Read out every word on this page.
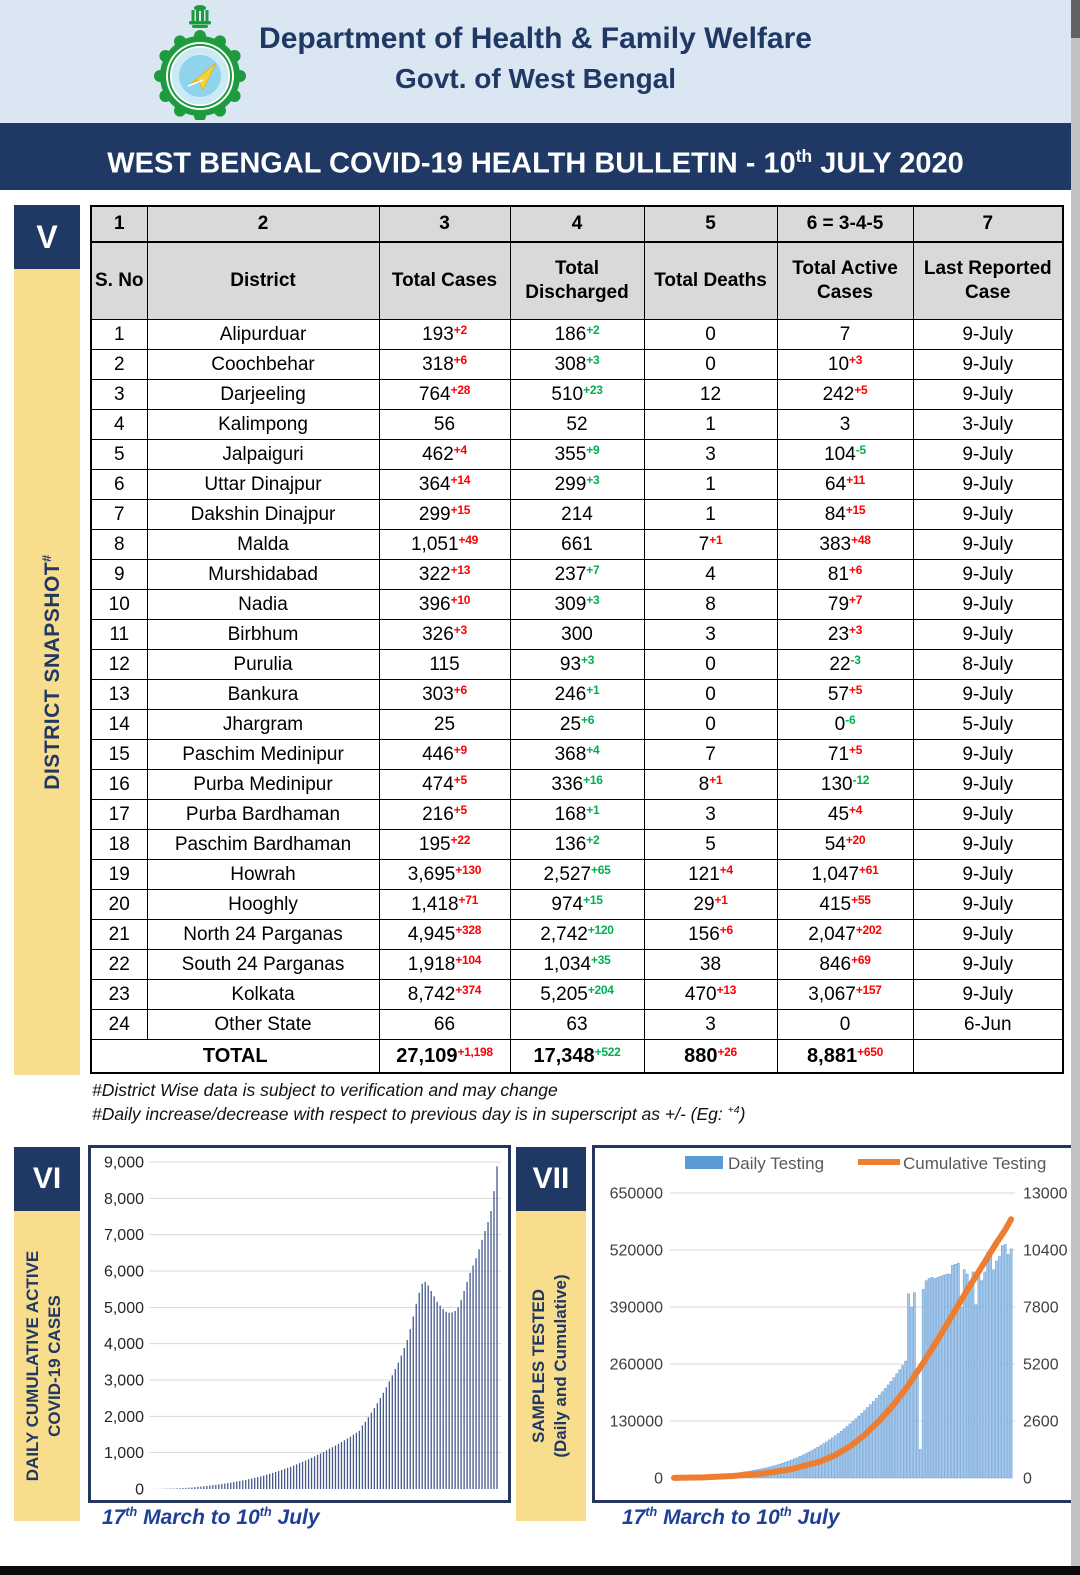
Department of Health & Family Welfare
Govt. of West Bengal
WEST BENGAL COVID-19 HEALTH BULLETIN - 10th JULY 2020
V
DISTRICT SNAPSHOT#
1	2	3	4	5	6 = 3-4-5	7
S. No	District	Total Cases	Total Discharged	Total Deaths	Total Active Cases	Last Reported Case
1	Alipurduar	$193^{+2}$	$186^{+2}$	0	7	9-July
2	Coochbehar	$318^{+6}$	$308^{+3}$	0	$10^{+3}$	9-July
3	Darjeeling	$764^{+28}$	$510^{+23}$	12	$242^{+5}$	9-July
4	Kalimpong	56	52	1	3	3-July
5	Jalpaiguri	$462^{+4}$	$355^{+9}$	3	$104^{-5}$	9-July
6	Uttar Dinajpur	$364^{+14}$	$299^{+3}$	1	$64^{+11}$	9-July
7	Dakshin Dinajpur	$299^{+15}$	214	1	$84^{+15}$	9-July
8	Malda	$1,051^{+49}$	661	$7^{+1}$	$383^{+48}$	9-July
9	Murshidabad	$322^{+13}$	$237^{+7}$	4	$81^{+6}$	9-July
10	Nadia	$396^{+10}$	$309^{+3}$	8	$79^{+7}$	9-July
11	Birbhum	$326^{+3}$	300	3	$23^{+3}$	9-July
12	Purulia	115	$93^{+3}$	0	$22^{-3}$	8-July
13	Bankura	$303^{+6}$	$246^{+1}$	0	$57^{+5}$	9-July
14	Jhargram	25	$25^{+6}$	0	$0^{-6}$	5-July
15	Paschim Medinipur	$446^{+9}$	$368^{+4}$	7	$71^{+5}$	9-July
16	Purba Medinipur	$474^{+5}$	$336^{+16}$	$8^{+1}$	$130^{-12}$	9-July
17	Purba Bardhaman	$216^{+5}$	$168^{+1}$	3	$45^{+4}$	9-July
18	Paschim Bardhaman	$195^{+22}$	$136^{+2}$	5	$54^{+20}$	9-July
19	Howrah	$3,695^{+130}$	$2,527^{+65}$	$121^{+4}$	$1,047^{+61}$	9-July
20	Hooghly	$1,418^{+71}$	$974^{+15}$	$29^{+1}$	$415^{+55}$	9-July
21	North 24 Parganas	$4,945^{+328}$	$2,742^{+120}$	$156^{+6}$	$2,047^{+202}$	9-July
22	South 24 Parganas	$1,918^{+104}$	$1,034^{+35}$	38	$846^{+69}$	9-July
23	Kolkata	$8,742^{+374}$	$5,205^{+204}$	$470^{+13}$	$3,067^{+157}$	9-July
24	Other State	66	63	3	0	6-Jun
TOTAL		$27,109^{+1,198}$	$17,348^{+522}$	$880^{+26}$	$8,881^{+650}$	
#District Wise data is subject to verification and may change
#Daily increase/decrease with respect to previous day is in superscript as +/- (Eg: $^{+4}$)
VI
DAILY CUMULATIVE ACTIVE COVID-19 CASES
0
1,000
2,000
3,000
4,000
5,000
6,000
7,000
8,000
9,000
17th March to 10th July
VII
SAMPLES TESTED (Daily and Cumulative)
Daily Testing	Cumulative Testing
0
130000
260000
390000
520000
650000
0
2600
5200
7800
10400
13000
17th March to 10th July
